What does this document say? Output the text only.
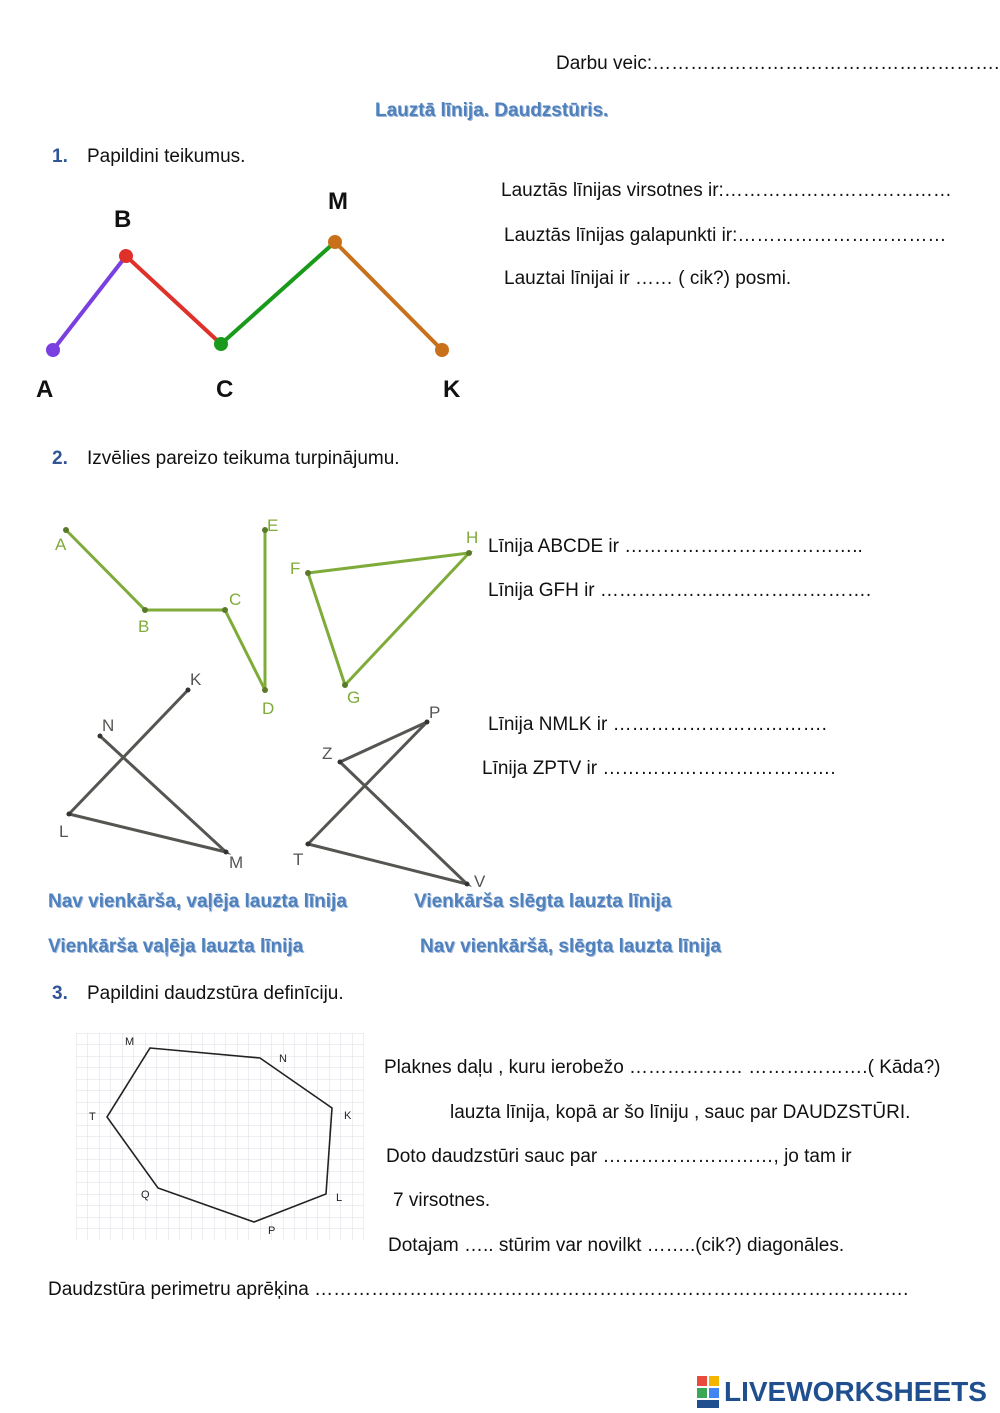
Darbu veic:……………………………………………….
Lauztā līnija. Daudzstūris.
1. Papildini teikumus.
A
B
C
M
K
Lauztās līnijas virsotnes ir:………………………………
Lauztās līnijas galapunkti ir:……………………………
Lauztai līnijai ir …… ( cik?) posmi.
2. Izvēlies pareizo teikuma turpinājumu.
A
B
C
D
E
F
H
G
K
N
L
M
P
Z
T
V
Līnija ABCDE ir ………………………………..
Līnija GFH ir …………………………………….
Līnija NMLK ir …………………………….
Līnija ZPTV ir ……………………………….
Nav vienkārša, vaļēja lauzta līnija	Vienkārša slēgta lauzta līnija
Vienkārša vaļēja lauzta līnija	Nav vienkāršā, slēgta lauzta līnija
3. Papildini daudzstūra definīciju.
M
N
T	K
Q	L
P
Plaknes daļu , kuru ierobežo ……………… ……………….( Kāda?)
lauzta līnija, kopā ar šo līniju , sauc par DAUDZSTŪRI.
Doto daudzstūri sauc par ………………………, jo tam ir
7 virsotnes.
Dotajam ….. stūrim var novilkt ……..(cik?) diagonāles.
Daudzstūra perimetru aprēķina ………………………………………………………………………………….
LIVEWORKSHEETS
